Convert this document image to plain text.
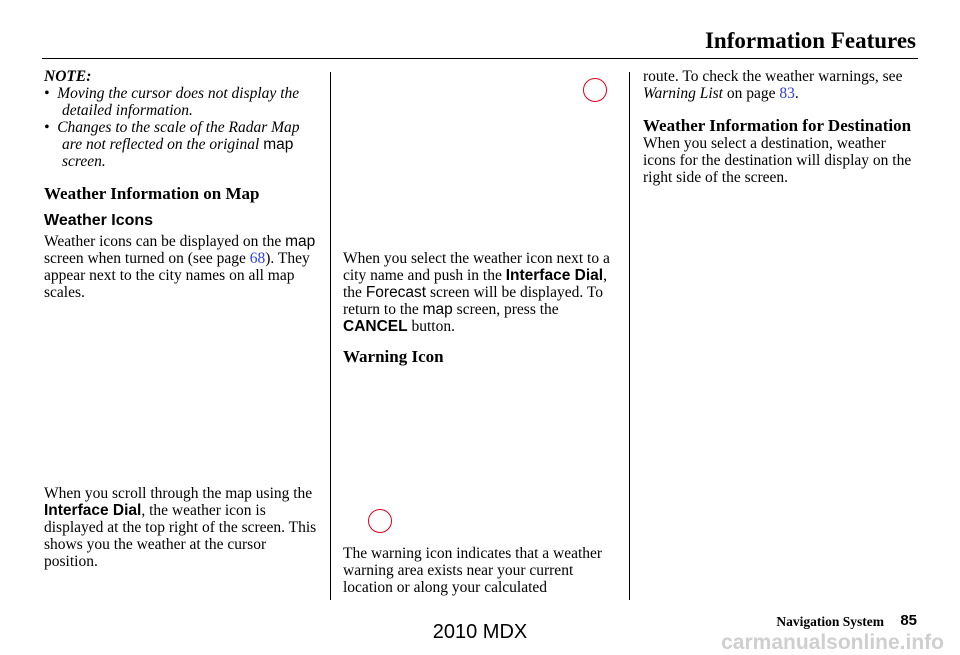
Information Features

NOTE:

•  Moving the cursor does not display the detailed information.

•  Changes to the scale of the Radar Map are not reflected on the original map screen.

Weather Information on Map

Weather Icons

Weather icons can be displayed on the map screen when turned on (see page 68). They appear next to the city names on all map scales.

When you scroll through the map using the Interface Dial, the weather icon is displayed at the top right of the screen. This shows you the weather at the cursor position.

When you select the weather icon next to a city name and push in the Interface Dial, the Forecast screen will be displayed. To return to the map screen, press the CANCEL button.

Warning Icon

The warning icon indicates that a weather warning area exists near your current location or along your calculated

route. To check the weather warnings, see Warning List on page 83.

Weather Information for Destination

When you select a destination, weather icons for the destination will display on the right side of the screen.

Navigation System 85
2010 MDX	carmanualsonline.info
